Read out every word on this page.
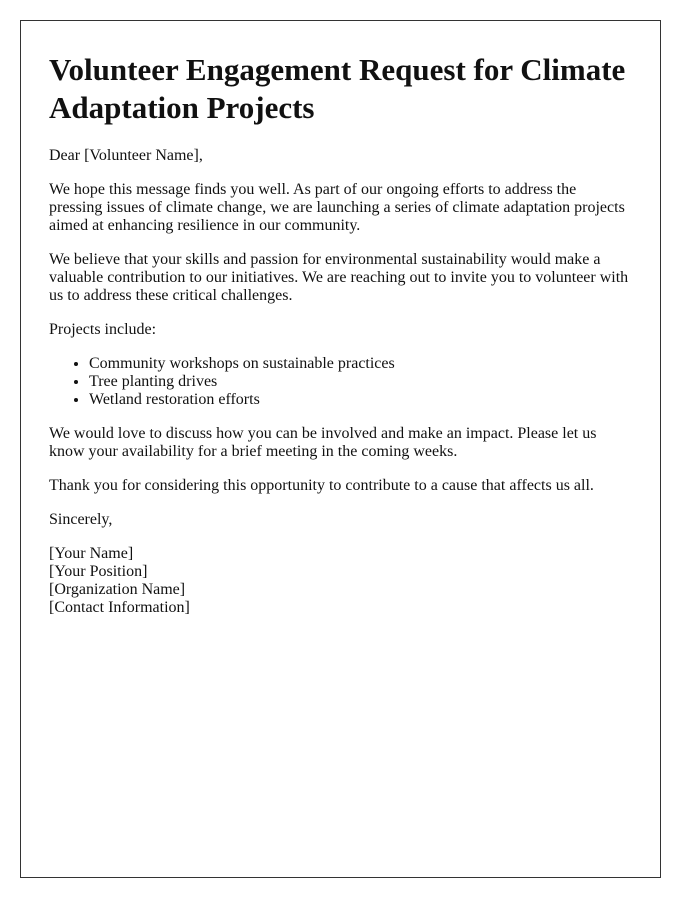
Volunteer Engagement Request for Climate Adaptation Projects

Dear [Volunteer Name],

We hope this message finds you well. As part of our ongoing efforts to address the pressing issues of climate change, we are launching a series of climate adaptation projects aimed at enhancing resilience in our community.

We believe that your skills and passion for environmental sustainability would make a valuable contribution to our initiatives. We are reaching out to invite you to volunteer with us to address these critical challenges.

Projects include:

• Community workshops on sustainable practices
• Tree planting drives
• Wetland restoration efforts

We would love to discuss how you can be involved and make an impact. Please let us know your availability for a brief meeting in the coming weeks.

Thank you for considering this opportunity to contribute to a cause that affects us all.

Sincerely,

[Your Name]
[Your Position]
[Organization Name]
[Contact Information]
